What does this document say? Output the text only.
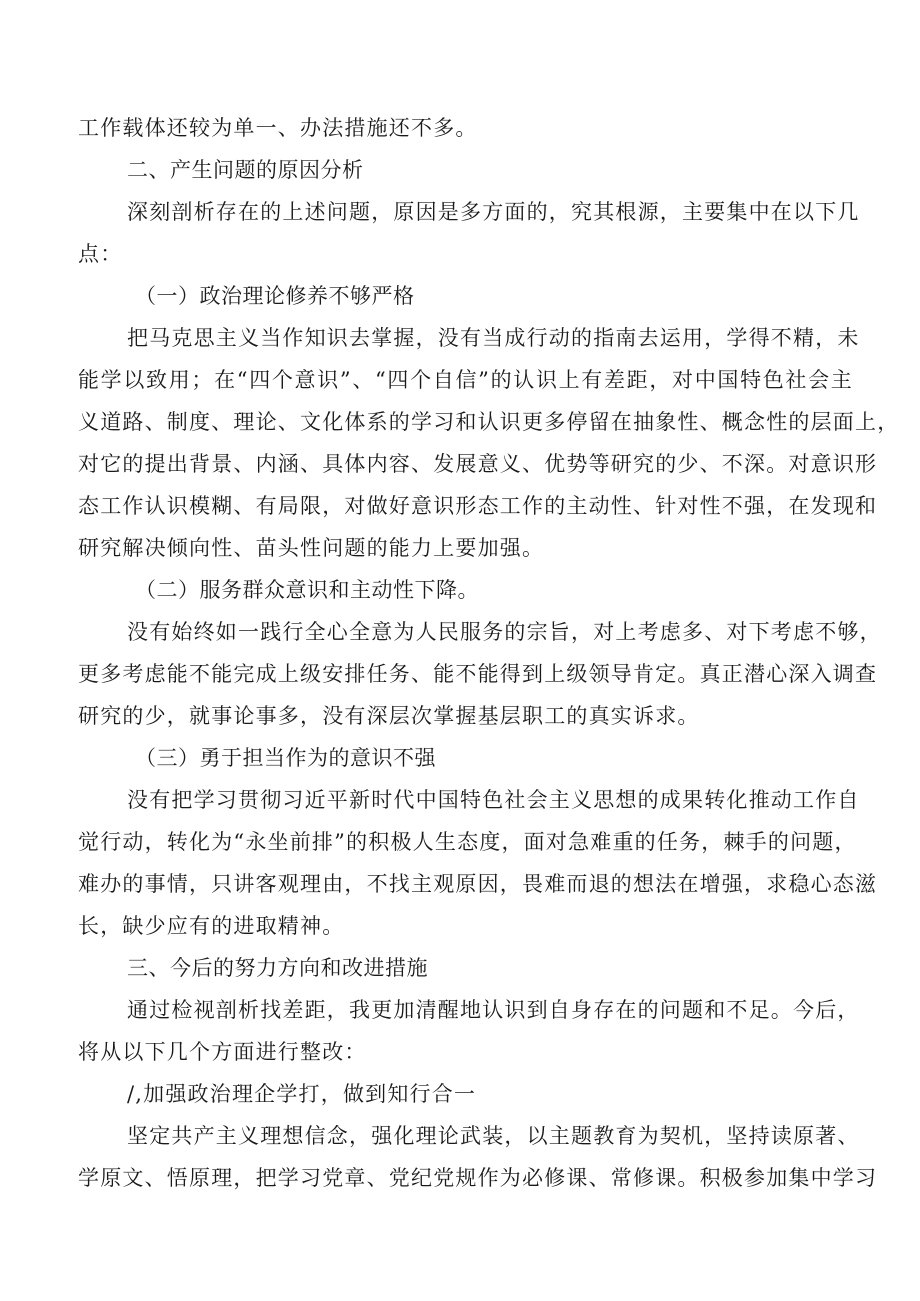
工作载体还较为单一、办法措施还不多。
二、产生问题的原因分析
深刻剖析存在的上述问题，原因是多方面的，究其根源，主要集中在以下几
点：
（一）政治理论修养不够严格
把马克思主义当作知识去掌握，没有当成行动的指南去运用，学得不精，未
能学以致用；在“四个意识”、“四个自信”的认识上有差距，对中国特色社会主
义道路、制度、理论、文化体系的学习和认识更多停留在抽象性、概念性的层面上，
对它的提出背景、内涵、具体内容、发展意义、优势等研究的少、不深。对意识形
态工作认识模糊、有局限，对做好意识形态工作的主动性、针对性不强，在发现和
研究解决倾向性、苗头性问题的能力上要加强。
（二）服务群众意识和主动性下降。
没有始终如一践行全心全意为人民服务的宗旨，对上考虑多、对下考虑不够，
更多考虑能不能完成上级安排任务、能不能得到上级领导肯定。真正潜心深入调查
研究的少，就事论事多，没有深层次掌握基层职工的真实诉求。
（三）勇于担当作为的意识不强
没有把学习贯彻习近平新时代中国特色社会主义思想的成果转化推动工作自
觉行动，转化为“永坐前排”的积极人生态度，面对急难重的任务，棘手的问题，
难办的事情，只讲客观理由，不找主观原因，畏难而退的想法在增强，求稳心态滋
长，缺少应有的进取精神。
三、今后的努力方向和改进措施
通过检视剖析找差距，我更加清醒地认识到自身存在的问题和不足。今后，
将从以下几个方面进行整改：
/,加强政治理企学打，做到知行合一
坚定共产主义理想信念，强化理论武装，以主题教育为契机，坚持读原著、
学原文、悟原理，把学习党章、党纪党规作为必修课、常修课。积极参加集中学习
